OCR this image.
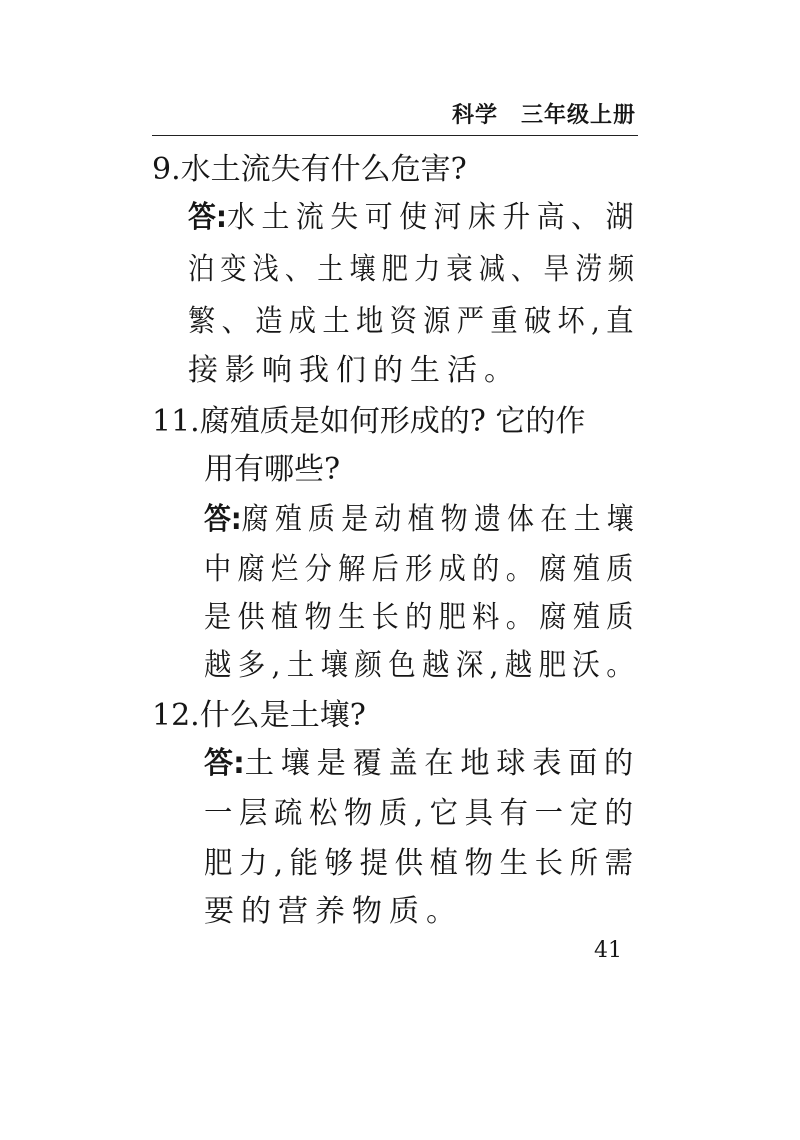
科学　三年级上册
9.水土流失有什么危害?
答:水土流失可使河床升高、湖
泊变浅、土壤肥力衰减、旱涝频
繁、造成土地资源严重破坏,直
接影响我们的生活。
11.腐殖质是如何形成的? 它的作
用有哪些?
答:腐殖质是动植物遗体在土壤
中腐烂分解后形成的。腐殖质
是供植物生长的肥料。腐殖质
越多,土壤颜色越深,越肥沃。
12.什么是土壤?
答:土壤是覆盖在地球表面的
一层疏松物质,它具有一定的
肥力,能够提供植物生长所需
要的营养物质。
41
